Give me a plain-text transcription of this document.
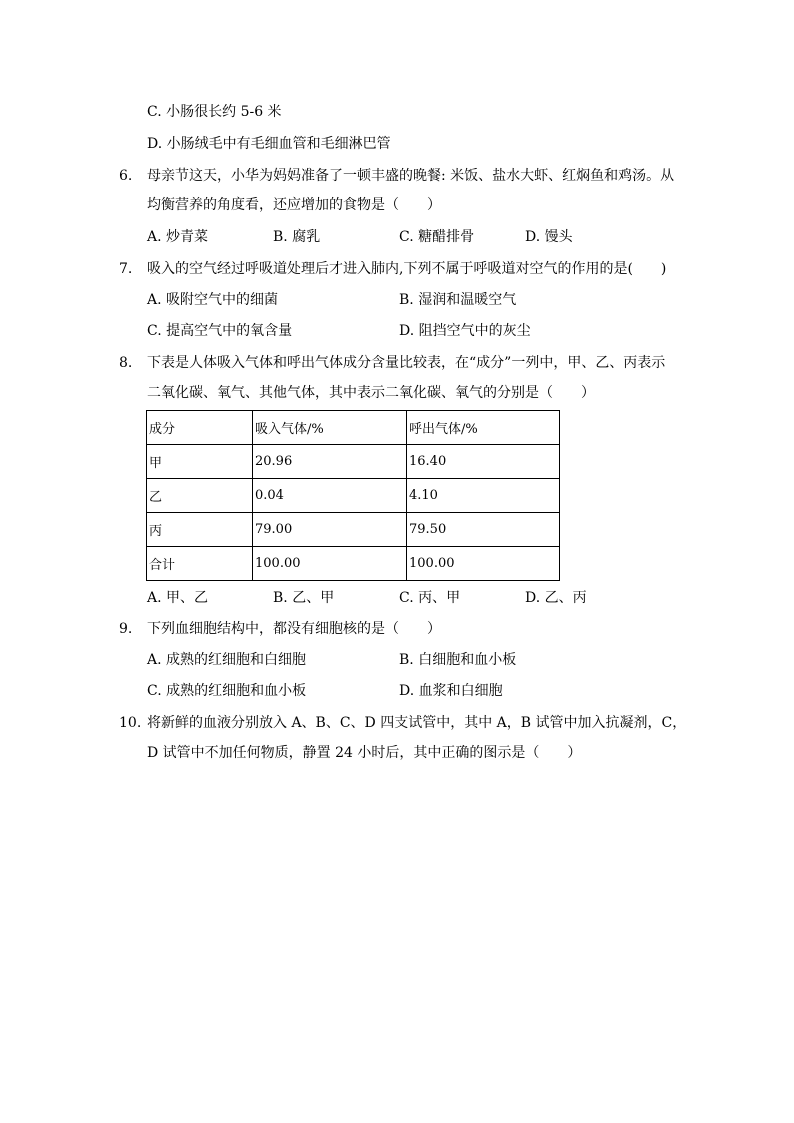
C. 小肠很长约 5-6 米
D. 小肠绒毛中有毛细血管和毛细淋巴管
6. 母亲节这天，小华为妈妈准备了一顿丰盛的晚餐: 米饭、盐水大虾、红焖鱼和鸡汤。从
均衡营养的角度看，还应增加的食物是（　　）
A. 炒青菜	B. 腐乳	C. 糖醋排骨	D. 馒头
7. 吸入的空气经过呼吸道处理后才进入肺内,下列不属于呼吸道对空气的作用的是(　　)
A. 吸附空气中的细菌	B. 湿润和温暖空气
C. 提高空气中的氧含量	D. 阻挡空气中的灰尘
8. 下表是人体吸入气体和呼出气体成分含量比较表，在“成分”一列中，甲、乙、丙表示
二氧化碳、氧气、其他气体，其中表示二氧化碳、氧气的分别是（　　）
成分	吸入气体/%	呼出气体/%
甲	20.96	16.40
乙	0.04	4.10
丙	79.00	79.50
合计	100.00	100.00
A. 甲、乙	B. 乙、甲	C. 丙、甲	D. 乙、丙
9. 下列血细胞结构中，都没有细胞核的是（　　）
A. 成熟的红细胞和白细胞	B. 白细胞和血小板
C. 成熟的红细胞和血小板	D. 血浆和白细胞
10. 将新鲜的血液分别放入 A、B、C、D 四支试管中，其中 A，B 试管中加入抗凝剂，C，
D 试管中不加任何物质，静置 24 小时后，其中正确的图示是（　　）
